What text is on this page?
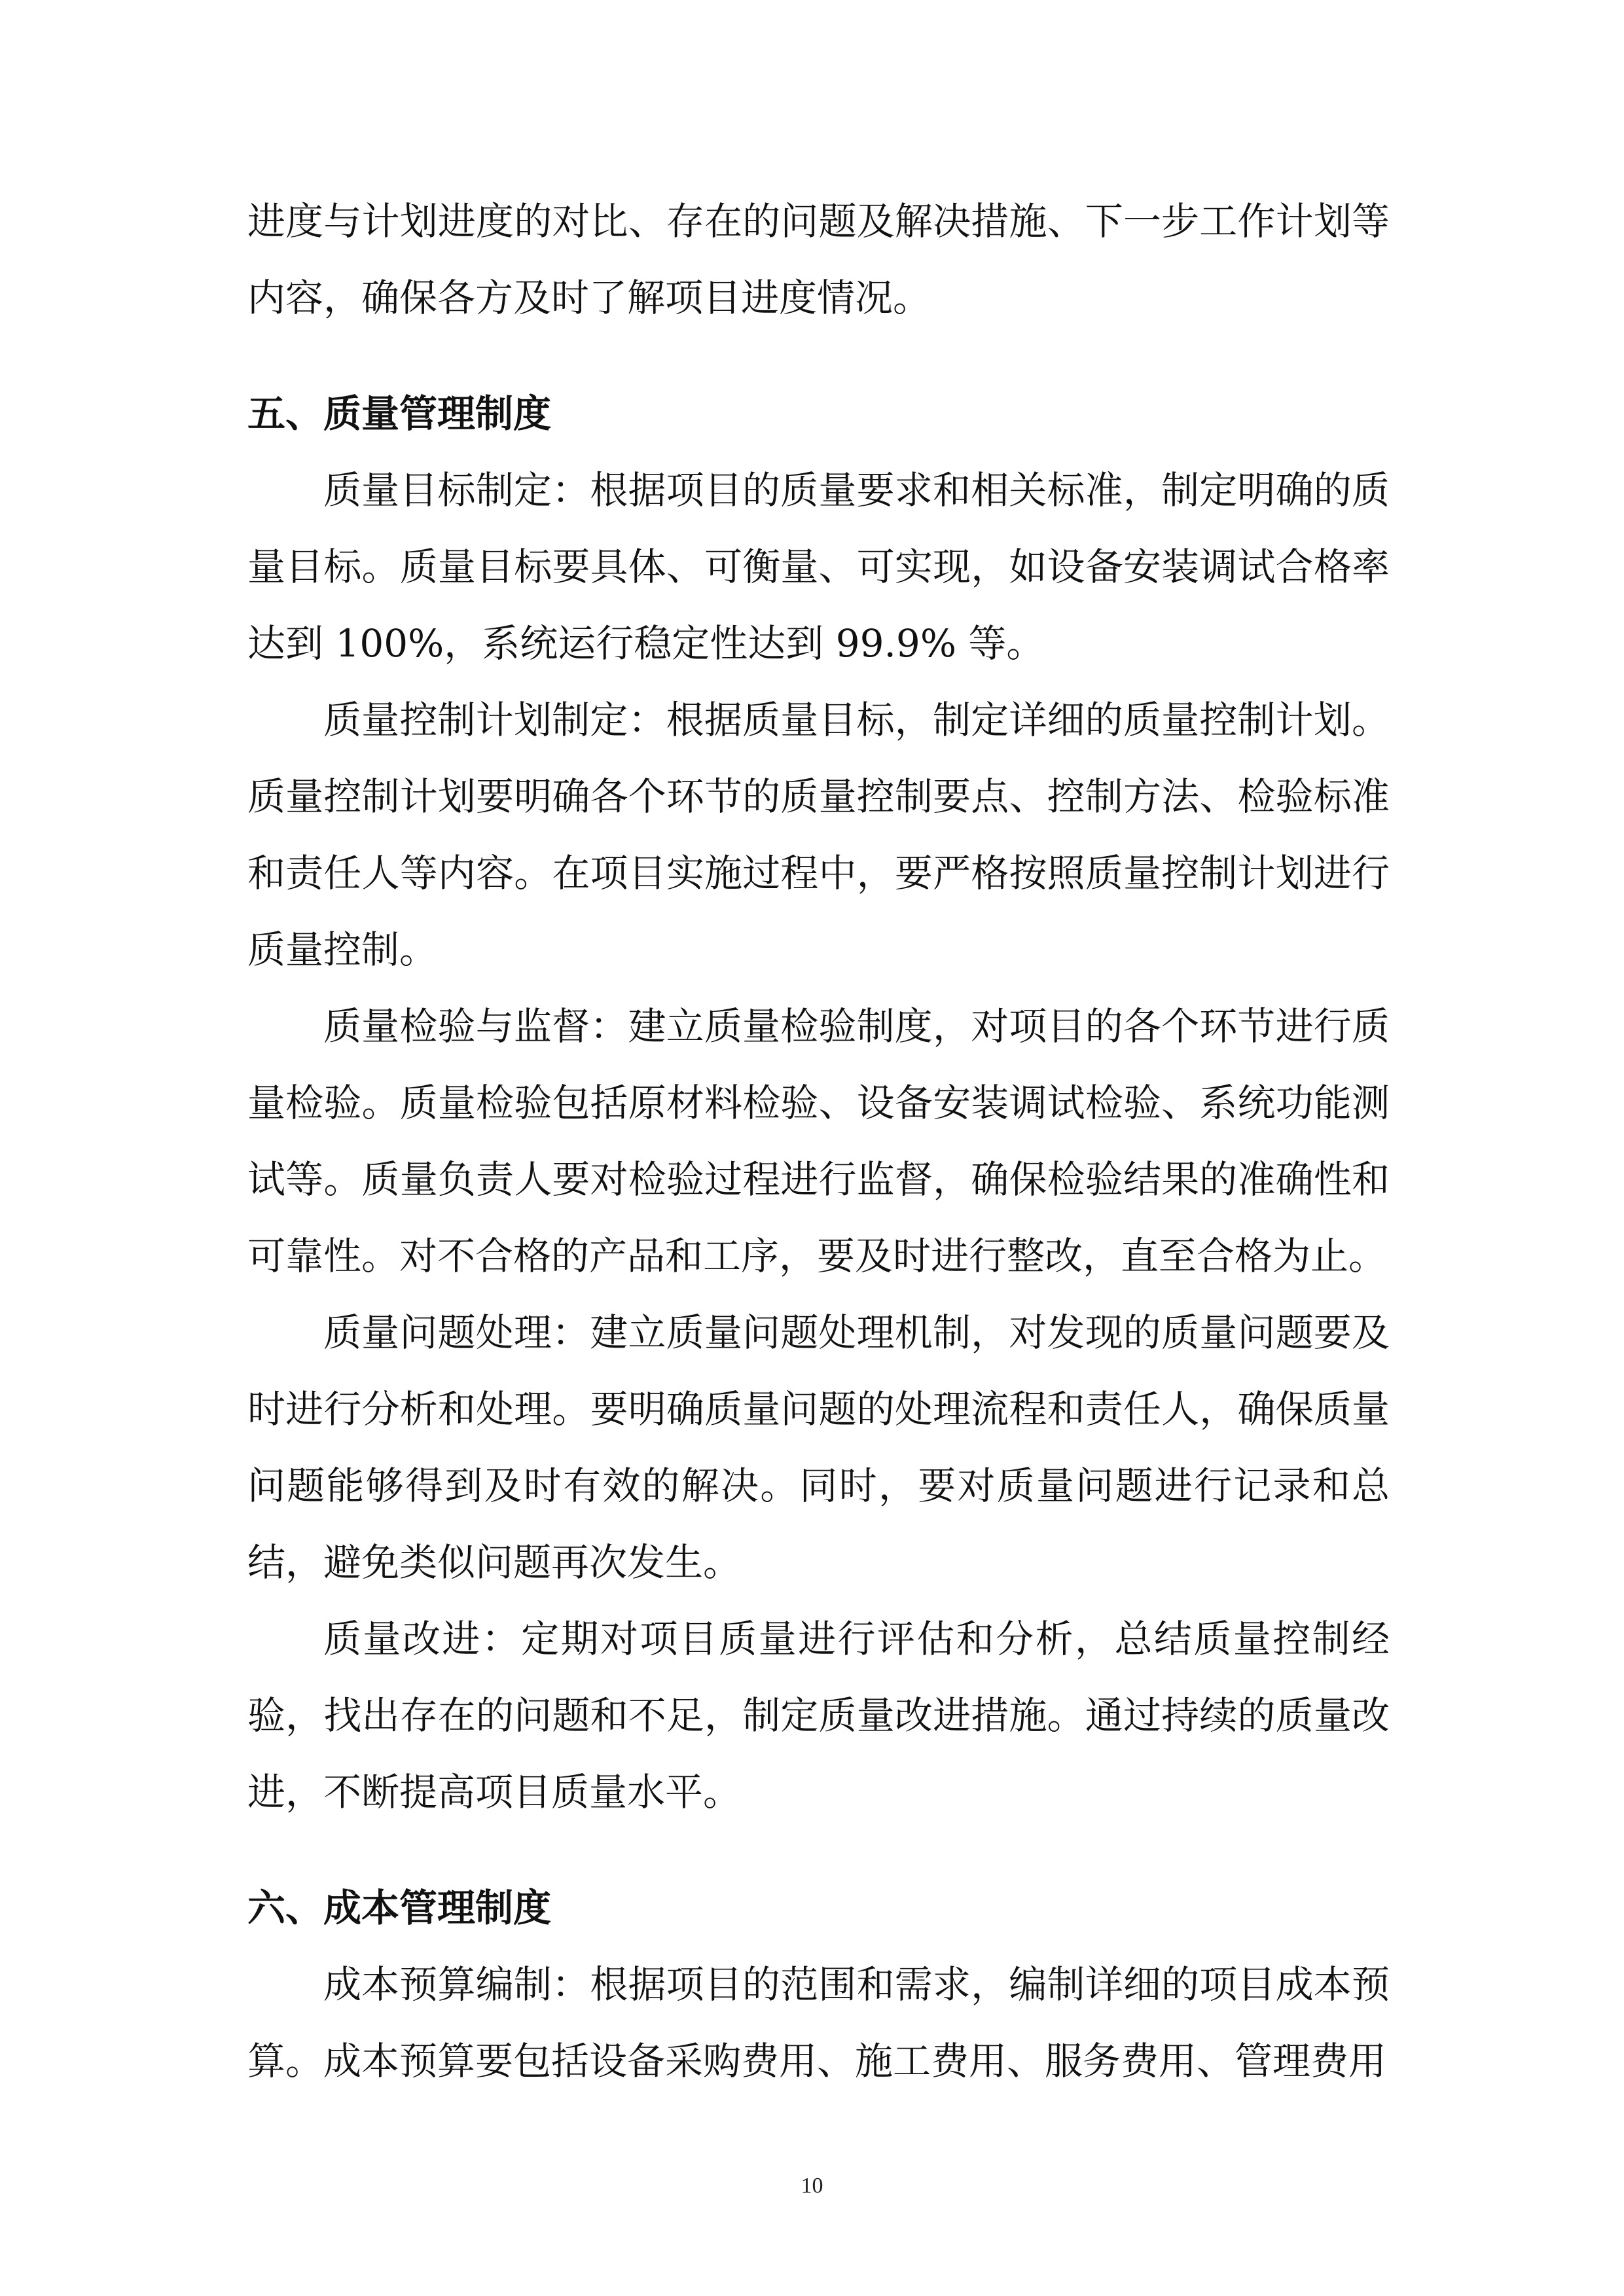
进度与计划进度的对比、存在的问题及解决措施、下一步工作计划等内容，确保各方及时了解项目进度情况。

五、质量管理制度

质量目标制定：根据项目的质量要求和相关标准，制定明确的质量目标。质量目标要具体、可衡量、可实现，如设备安装调试合格率达到 100%，系统运行稳定性达到 99.9% 等。

质量控制计划制定：根据质量目标，制定详细的质量控制计划。质量控制计划要明确各个环节的质量控制要点、控制方法、检验标准和责任人等内容。在项目实施过程中，要严格按照质量控制计划进行质量控制。

质量检验与监督：建立质量检验制度，对项目的各个环节进行质量检验。质量检验包括原材料检验、设备安装调试检验、系统功能测试等。质量负责人要对检验过程进行监督，确保检验结果的准确性和可靠性。对不合格的产品和工序，要及时进行整改，直至合格为止。

质量问题处理：建立质量问题处理机制，对发现的质量问题要及时进行分析和处理。要明确质量问题的处理流程和责任人，确保质量问题能够得到及时有效的解决。同时，要对质量问题进行记录和总结，避免类似问题再次发生。

质量改进：定期对项目质量进行评估和分析，总结质量控制经验，找出存在的问题和不足，制定质量改进措施。通过持续的质量改进，不断提高项目质量水平。

六、成本管理制度

成本预算编制：根据项目的范围和需求，编制详细的项目成本预算。成本预算要包括设备采购费用、施工费用、服务费用、管理费用

10
